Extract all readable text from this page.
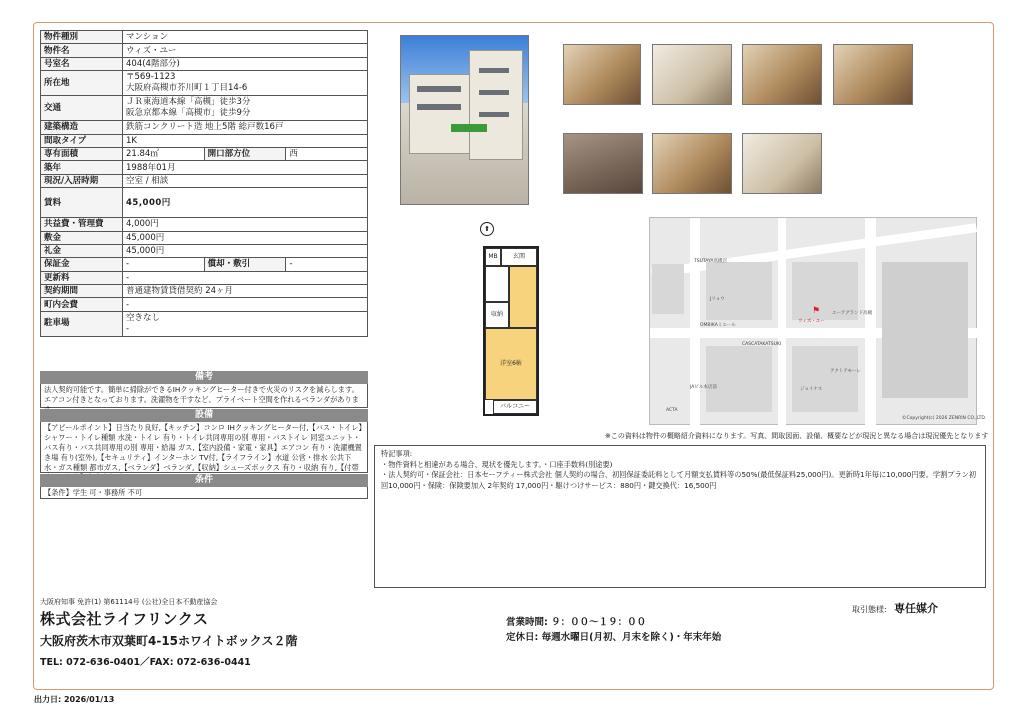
物件種別	マンション		
物件名	ウィズ・ユー		
号室名	404(4階部分)		
所在地	〒569-1123
大阪府高槻市芥川町１丁目14-6		

交通	ＪＲ東海道本線「高槻」徒歩3分
阪急京都本線「高槻市」徒歩9分		

建築構造	鉄筋コンクリート造 地上5階 総戸数16戸		
間取タイプ	1K		
専有面積	21.84㎡	開口部方位	西
築年	1988年01月		
現況/入居時期	空室 / 相談		
賃料	45,000円		
共益費・管理費	4,000円		
敷金	45,000円		
礼金	45,000円		
保証金	-	償却・敷引	-
更新料	-		
契約期間	普通建物賃貸借契約 24ヶ月		
町内会費	-		
駐車場	空きなし
-		
備考
法人契約可能です。簡単に掃除ができるIHクッキングヒーター付きで火災のリスクを減らします。エアコン付きとなっております。洗濯物を干すなど、プライベート空間を作れるベランダがありま
設備
【アピールポイント】日当たり良好,【キッチン】コンロ IHクッキングヒーター付,【バス・トイレ】シャワー・トイレ種類 水洗・トイレ 有り・トイレ共同専用の別 専用・バストイレ 同室ユニット・バス有り・バス共同専用の別 専用・給湯 ガス,【室内設備・家電・家具】エアコン 有り・洗濯機置き場 有り(室外),【セキュリティ】インターホン TV付,【ライフライン】水道 公営・排水 公共下水・ガス種類 都市ガス,【ベランダ】ベランダ,【収納】シューズボックス 有り・収納 有り,【付帯
条件
【条件】学生 可・事務所 不可
MB	玄関
収納
洋室6帖
バルコニー
⬆
TSUTAYA高槻店
Jリョウ
OMBIKAミエール
CASCATAKATSUKI
ユーアグランド高槻
アクトアモーレ
ジョイナス
ACTA
JAビル本店前
⚑
ウィズ・ユー
©Copyright(c) 2026 ZENRIN CO.,LTD.
※この資料は物件の概略紹介資料になります。写真、間取図面、設備、概要などが現況と異なる場合は現況優先となります
特記事項:
・物件資料と相違がある場合、現状を優先します。・口座手数料(別途要)
・法人契約可・保証会社：日本セーフティー株式会社 個人契約の場合、初回保証委託料として月額支払賃料等の50%(最低保証料25,000円)。更新時1年毎に10,000円要。学割プラン初回10,000円・保険：保険要加入 2年契約 17,000円・駆けつけサービス：880円・鍵交換代：16,500円
大阪府知事 免許(1) 第61114号 (公社)全日本不動産協会
株式会社ライフリンクス
大阪府茨木市双葉町4-15ホワイトボックス２階
TEL: 072-636-0401／FAX: 072-636-0441
営業時間: ９：００～１９：００
定休日: 毎週水曜日(月初、月末を除く)・年末年始
取引態様: 専任媒介
出力日: 2026/01/13
